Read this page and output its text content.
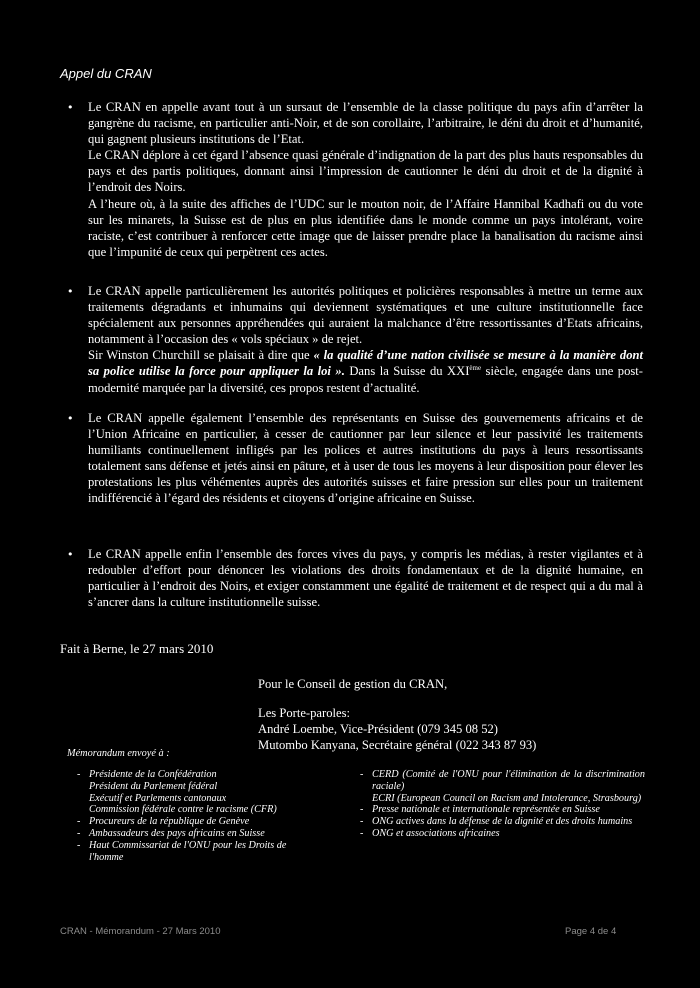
Appel du CRAN
• Le CRAN en appelle avant tout à un sursaut de l’ensemble de la classe politique du pays afin d’arrêter la gangrène du racisme, en particulier anti-Noir, et de son corollaire, l’arbitraire, le déni du droit et d’humanité, qui gagnent plusieurs institutions de l’Etat.

Le CRAN déplore à cet égard l’absence quasi générale d’indignation de la part des plus hauts responsables du pays et des partis politiques, donnant ainsi l’impression de cautionner le déni du droit et de la dignité à l’endroit des Noirs.

A l’heure où, à la suite des affiches de l’UDC sur le mouton noir, de l’Affaire Hannibal Kadhafi ou du vote sur les minarets, la Suisse est de plus en plus identifiée dans le monde comme un pays intolérant, voire raciste, c’est contribuer à renforcer cette image que de laisser prendre place la banalisation du racisme ainsi que l’impunité de ceux qui perpètrent ces actes.

• Le CRAN appelle particulièrement les autorités politiques et policières responsables à mettre un terme aux traitements dégradants et inhumains qui deviennent systématiques et une culture institutionnelle face spécialement aux personnes appréhendées qui auraient la malchance d’être ressortissantes d’Etats africains, notamment à l’occasion des « vols spéciaux » de rejet.

Sir Winston Churchill se plaisait à dire que « la qualité d’une nation civilisée se mesure à la manière dont sa police utilise la force pour appliquer la loi ». Dans la Suisse du XXIème siècle, engagée dans une post-modernité marquée par la diversité, ces propos restent d’actualité.

• Le CRAN appelle également l’ensemble des représentants en Suisse des gouvernements africains et de l’Union Africaine en particulier, à cesser de cautionner par leur silence et leur passivité les traitements humiliants continuellement infligés par les polices et autres institutions du pays à leurs ressortissants totalement sans défense et jetés ainsi en pâture, et à user de tous les moyens à leur disposition pour élever les protestations les plus véhémentes auprès des autorités suisses et faire pression sur elles pour un traitement indifférencié à l’égard des résidents et citoyens d’origine africaine en Suisse.

• Le CRAN appelle enfin l’ensemble des forces vives du pays, y compris les médias, à rester vigilantes et à redoubler d’effort pour dénoncer les violations des droits fondamentaux et de la dignité humaine, en particulier à l’endroit des Noirs, et exiger constamment une égalité de traitement et de respect qui a du mal à s’ancrer dans la culture institutionnelle suisse.

Fait à Berne, le 27 mars 2010
Pour le Conseil de gestion du CRAN,
Les Porte-paroles:
André Loembe, Vice-Président (079 345 08 52)
Mutombo Kanyana, Secrétaire général (022 343 87 93)
Mémorandum envoyé à :
- Présidente de la Confédération
Président du Parlement fédéral
Exécutif et Parlements cantonaux
Commission fédérale contre le racisme (CFR)
- Procureurs de la république de Genève
- Ambassadeurs des pays africains en Suisse
- Haut Commissariat de l'ONU pour les Droits de l'homme
- CERD (Comité de l'ONU pour l'élimination de la discrimination raciale)
ECRI (European Council on Racism and Intolerance, Strasbourg)
- Presse nationale et internationale représentée en Suisse
- ONG actives dans la défense de la dignité et des droits humains
- ONG et associations africaines
CRAN - Mémorandum - 27 Mars 2010	Page 4 de 4
